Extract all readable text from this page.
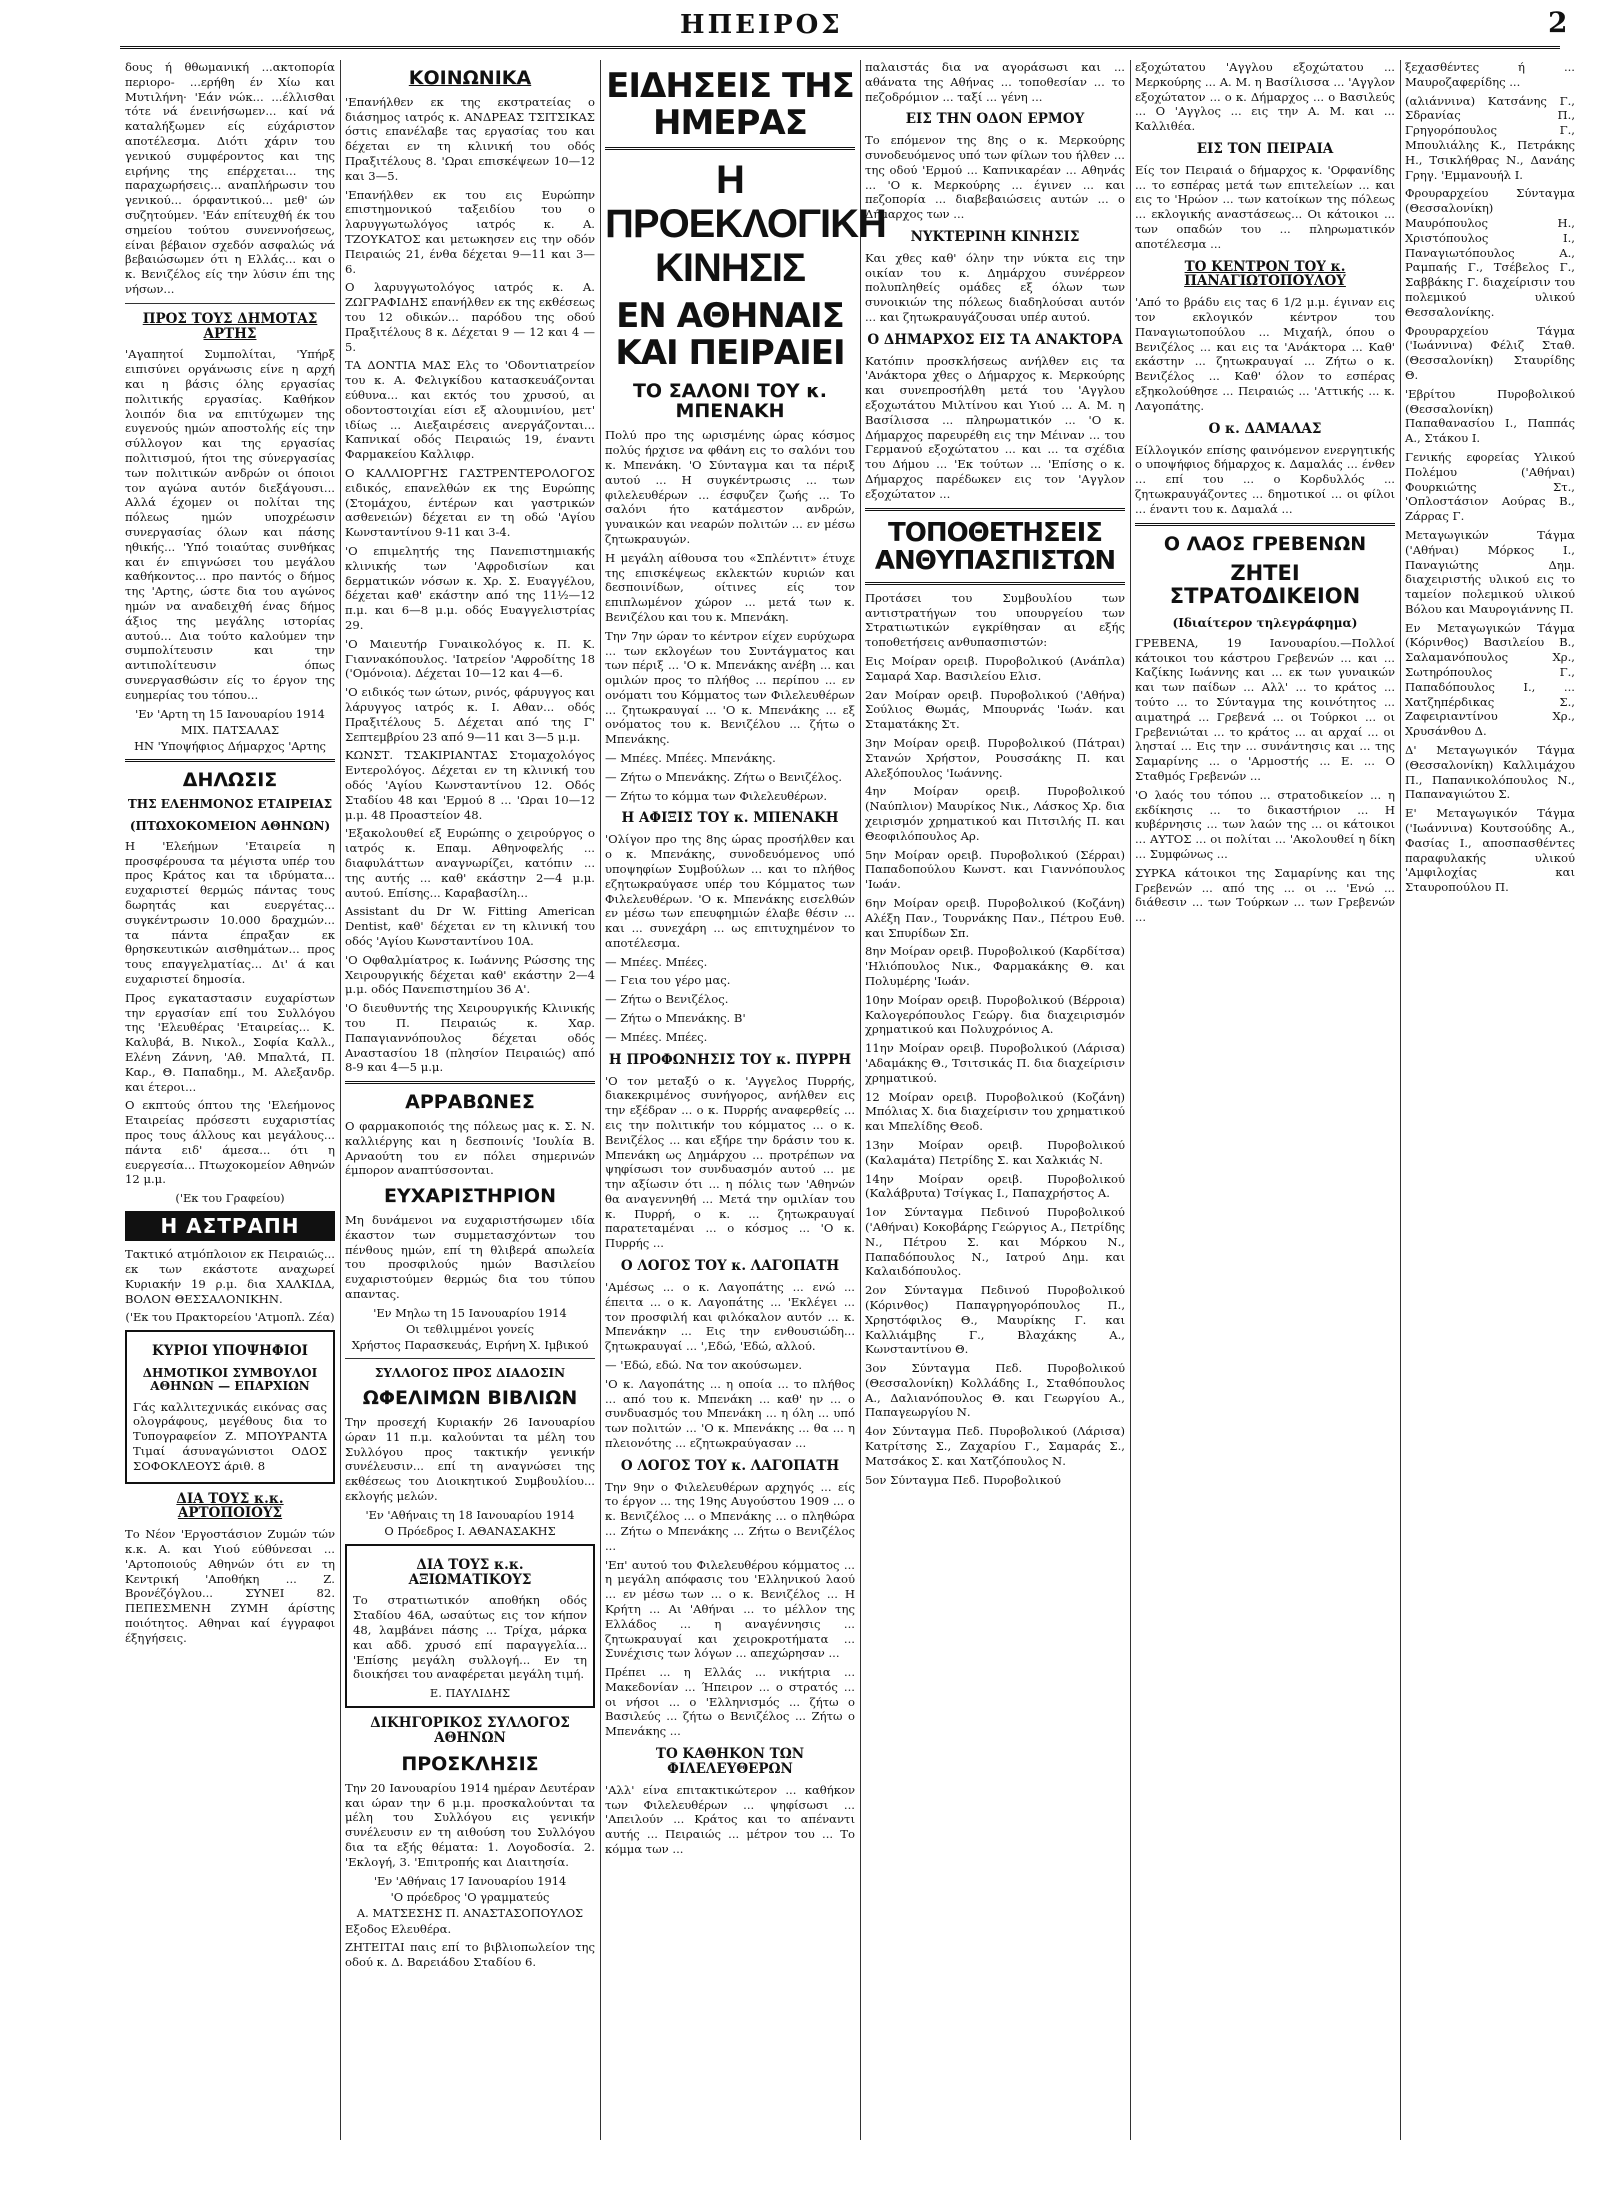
ΗΠΕΙΡΟΣ	2

δους ή θθωμανική ...ακτοπορία περιορο- ...ερήθη έν Χίω και Μυτιλήνη· 'Εάν νώκ... ...έλλισθαι τότε νά ένεινήσωμεν... καί νά καταλήξωμεν είς εύχάριστον αποτέλεσμα. Διότι χάριν του γενικού συμφέροντος και της ειρήνης της επέρχεται... της παραχωρήσεις... αναπλήρωσιν του γενικού... όρφαντικού... μεθ' ών συζητούμεν. 'Εάν επίτευχθή έκ του σημείου τούτου συνεννοήσεως, είναι βέβαιον σχεδόν ασφαλώς νά βεβαιώσωμεν ότι η Ελλάς... και ο κ. Βενιζέλος είς την λύσιν έπι της νήσων...

ΠΡΟΣ ΤΟΥΣ ΔΗΜΟΤΑΣ ΑΡΤΗΣ

'Αγαπητοί Συμπολίται, 'Υπήρξ ειπισύνει οργάνωσις είνε η αρχή και η βάσις όλης εργασίας πολιτικής εργασίας. Καθήκον λοιπόν δια να επιτύχωμεν της ευγενούς ημών αποστολής είς την σύλλογον και της εργασίας πολιτισμού, ήτοι της σύνεργασίας των πολιτικών ανδρών οι όποιοι τον αγώνα αυτόν διεξάγουσι... Αλλά έχομεν οι πολίται της πόλεως ημών υποχρέωσιν συνεργασίας όλων και πάσης ηθικής... 'Υπό τοιαύτας συνθήκας και έν επιγνώσει του μεγάλου καθήκοντος... προ παντός ο δήμος της 'Αρτης, ώστε δια του αγώνος ημών να αναδειχθή ένας δήμος άξιος της μεγάλης ιστορίας αυτού... Δια τούτο καλούμεν την συμπολίτευσιν και την αντιπολίτευσιν όπως συνεργασθώσιν είς το έργον της ευημερίας του τόπου...

'Εν 'Αρτη τη 15 Ιανουαρίου 1914
ΜΙΧ. ΠΑΤΣΑΛΑΣ
ΗΝ 'Υποψήφιος Δήμαρχος 'Αρτης
ΔΗΛΩΣΙΣ
ΤΗΣ ΕΛΕΗΜΟΝΟΣ ΕΤΑΙΡΕΙΑΣ
(ΠΤΩΧΟΚΟΜΕΙΟΝ ΑΘΗΝΩΝ)

Η 'Ελεήμων 'Εταιρεία η προσφέρουσα τα μέγιστα υπέρ του προς Κράτος και τα ιδρύματα... ευχαριστεί θερμώς πάντας τους δωρητάς και ευεργέτας... συγκέντρωσιν 10.000 δραχμών... τα πάντα έπραξαν εκ θρησκευτικών αισθημάτων... προς τους επαγγελματίας... Δι' ά και ευχαριστεί δημοσία.

Προς εγκαταστασιν ευχαρίστων την εργασίαν επί του Συλλόγου της 'Ελευθέρας 'Εταιρείας... Κ. Καλυβά, Β. Νικολ., Σοφία Καλλ., Ελένη Ζάννη, 'Αθ. Μπαλτά, Π. Καρ., Θ. Παπαδημ., Μ. Αλεξανδρ. και έτεροι...

Ο εκπτούς όπτου της 'Ελεήμονος Εταιρείας πρόσεστι ευχαριστίας προς τους άλλους και μεγάλους... πάντα ειδ' άμεσα... ότι η ευεργεσία... Πτωχοκομείον Αθηνών 12 μ.μ.

('Εκ του Γραφείου)
Η ΑΣΤΡΑΠΗ

Τακτικό ατμόπλοιον εκ Πειραιώς... εκ των εκάστοτε αναχωρεί Κυριακήν 19 ρ.μ. δια ΧΑΛΚΙΔΑ, ΒΟΛΟΝ ΘΕΣΣΑΛΟΝΙΚΗΝ.

('Εκ του Πρακτορείου 'Ατμοπλ. Ζέα)
ΚΥΡΙΟΙ ΥΠΟΨΗΦΙΟΙ
ΔΗΜΟΤΙΚΟΙ ΣΥΜΒΟΥΛΟΙ ΑΘΗΝΩΝ — ΕΠΑΡΧΙΩΝ

Γάς καλλιτεχνικάς εικόνας σας ολογράφους, μεγέθους δια το Τυπογραφείον Ζ. ΜΠΟΥΡΑΝΤΑ Τιμαί άσυναγώνιστοι ΟΔΟΣ ΣΟΦΟΚΛΕΟΥΣ άριθ. 8

ΔΙΑ ΤΟΥΣ κ.κ. ΑΡΤΟΠΟΙΟΥΣ

Το Νέον 'Εργοστάσιον Ζυμών τών κ.κ. Α. και Υιού εύθύνεσαι ... 'Αρτοποιούς Αθηνών ότι εν τη Κεντρική 'Αποθήκη ... Ζ. Βρονέζόγλου... ΣΥΝΕΙ 82. ΠΕΠΕΣΜΕΝΗ ΖΥΜΗ άρίστης ποιότητος. Αθηναι καί έγγραφοι έξηγήσεις.

ΚΟΙΝΩΝΙΚΑ

'Επανήλθεν εκ της εκστρατείας ο διάσημος ιατρός κ. ΑΝΔΡΕΑΣ ΤΣΙΤΣΙΚΑΣ όστις επανέλαβε τας εργασίας του και δέχεται εν τη κλινική του οδός Πραξιτέλους 8. 'Ωραι επισκέψεων 10—12 και 3—5.

'Επανήλθεν εκ του εις Ευρώπην επιστημονικού ταξειδίου του ο λαρυγγωτωλόγος ιατρός κ. Α. ΤΖΟΥΚΑΤΟΣ και μετωκησεν εις την οδόν Πειραιώς 21, ένθα δέχεται 9—11 και 3—6.

Ο λαρυγγωτολόγος ιατρός κ. Α. ΖΩΓΡΑΦΙΔΗΣ επανήλθεν εκ της εκθέσεως του 12 οδικών... παρόδου της οδού Πραξιτέλους 8 κ. Δέχεται 9 — 12 και 4 — 5.

ΤΑ ΔΟΝΤΙΑ ΜΑΣ Ελς το 'Οδοντιατρείον του κ. Α. Φελιγκίδου κατασκευάζονται εύθυνα... και εκτός του χρυσού, αι οδοντοστοιχίαι είσι εξ αλουμινίου, μετ' ιδίως ... Αιεξαιρέσεις ανεργάζονται... Καπνικαί οδός Πειραιώς 19, έναντι Φαρμακείου Καλλιφρ.

Ο ΚΑΛΛΙΟΡΓΗΣ ΓΑΣΤΡΕΝΤΕΡΟΛΟΓΟΣ ειδικός, επανελθών εκ της Ευρώπης (Στομάχου, έντέρων και γαστρικών ασθενειών) δέχεται εν τη οδώ 'Αγίου Κωνσταντίνου 9-11 και 3-4.

'Ο επιμελητής της Πανεπιστημιακής κλινικής των 'Αφροδισίων και δερματικών νόσων κ. Χρ. Σ. Ευαγγέλου, δέχεται καθ' εκάστην από της 11½—12 π.μ. και 6—8 μ.μ. οδός Ευαγγελιστρίας 29.

'Ο Μαιευτήρ Γυναικολόγος κ. Π. Κ. Γιαννακόπουλος. 'Ιατρείον 'Αφροδίτης 18 ('Ομόνοια). Δέχεται 10—12 και 4—6.

'Ο ειδικός των ώτων, ρινός, φάρυγγος και λάρυγγος ιατρός κ. Ι. Αθαν... οδός Πραξιτέλους 5. Δέχεται από της Γ' Σεπτεμβρίου 23 από 9—11 και 3—5 μ.μ.

ΚΩΝΣΤ. ΤΣΑΚΙΡΙΑΝΤΑΣ Στομαχολόγος Εντερολόγος. Δέχεται εν τη κλινική του οδός 'Αγίου Κωνσταντίνου 12. Οδός Σταδίου 48 και 'Ερμού 8 ... 'Ωραι 10—12 μ.μ. 48 Προαστείον 48.

'Εξακολουθεί εξ Ευρώπης ο χειρούργος ο ιατρός κ. Επαμ. Αθηνοφελής ... διαφυλάττων αναγνωρίζει, κατόπιν ... της αυτής ... καθ' εκάστην 2—4 μ.μ. αυτού. Επίσης... Καραβασίλη...

Assistant du Dr W. Fitting American Dentist, καθ' δέχεται εν τη κλινική του οδός 'Αγίου Κωνσταντίνου 10Α.

'Ο Οφθαλμίατρος κ. Ιωάννης Ρώσσης της Χειρουργικής δέχεται καθ' εκάστην 2—4 μ.μ. οδός Πανεπιστημίου 36 Α'.

'Ο διευθυντής της Χειρουργικής Κλινικής του Π. Πειραιώς κ. Χαρ. Παπαγιαννόπουλος δέχεται οδός Αναστασίου 18 (πλησίον Πειραιώς) από 8-9 και 4—5 μ.μ.

ΑΡΡΑΒΩΝΕΣ

Ο φαρμακοποιός της πόλεως μας κ. Σ. Ν. καλλιέργης και η δεσποινίς 'Ιουλία Β. Αρναούτη του εν πόλει σημερινών έμπορον αναπτύσσονται.

ΕΥΧΑΡΙΣΤΗΡΙΟΝ

Μη δυνάμενοι να ευχαριστήσωμεν ιδία έκαστον των συμμετασχόντων του πένθους ημών, επί τη θλιβερά απωλεία του προσφιλούς ημών Βασιλείου ευχαριστούμεν θερμώς δια του τύπου απαντας.

'Εν Μηλω τη 15 Ιανουαρίου 1914
Οι τεθλιμμένοι γονείς
Χρήστος Παρασκευάς, Ειρήνη Χ. Ιμβικού
ΣΥΛΛΟΓΟΣ ΠΡΟΣ ΔΙΑΔΟΣΙΝ
ΩΦΕΛΙΜΩΝ ΒΙΒΛΙΩΝ

Την προσεχή Κυριακήν 26 Ιανουαρίου ώραν 11 π.μ. καλούνται τα μέλη του Συλλόγου προς τακτικήν γενικήν συνέλευσιν... επί τη αναγνώσει της εκθέσεως του Διοικητικού Συμβουλίου... εκλογής μελών.

'Εν 'Αθήναις τη 18 Ιανουαρίου 1914
Ο Πρόεδρος Ι. ΑΘΑΝΑΣΑΚΗΣ
ΔΙΑ ΤΟΥΣ κ.κ. ΑΞΙΩΜΑΤΙΚΟΥΣ

Το στρατιωτικόν αποθήκη οδός Σταδίου 46Α, ωσαύτως εις τον κήπον 48, λαμβάνει πάσης ... Τρίχα, μάρκα και αδδ. χρυσό επί παραγγελία... 'Επίσης μεγάλη συλλογή... Εν τη διοικήσει του αναφέρεται μεγάλη τιμή.

Ε. ΠΑΥΛΙΔΗΣ
ΔΙΚΗΓΟΡΙΚΟΣ ΣΥΛΛΟΓΟΣ ΑΘΗΝΩΝ
ΠΡΟΣΚΛΗΣΙΣ

Την 20 Ιανουαρίου 1914 ημέραν Δευτέραν και ώραν την 6 μ.μ. προσκαλούνται τα μέλη του Συλλόγου εις γενικήν συνέλευσιν εν τη αιθούση του Συλλόγου δια τα εξής θέματα: 1. Λογοδοσία. 2. 'Εκλογή, 3. 'Επιτροπής και Διαιτησία.

'Εν 'Αθήναις 17 Ιανουαρίου 1914
'Ο πρόεδρος 'Ο γραμματεύς
Α. ΜΑΤΣΕΣΗΣ Π. ΑΝΑΣΤΑΣΟΠΟΥΛΟΣ

Εξοδος Ελευθέρα.

ΖΗΤΕΙΤΑΙ παις επί το βιβλιοπωλείον της οδού κ. Δ. Βαρειάδου Σταδίου 6.

ΕΙΔΗΣΕΙΣ ΤΗΣ ΗΜΕΡΑΣ
Η ΠΡΟΕΚΛΟΓΙΚΗ ΚΙΝΗΣΙΣ
ΕΝ ΑΘΗΝΑΙΣ ΚΑΙ ΠΕΙΡΑΙΕΙ
ΤΟ ΣΑΛΟΝΙ ΤΟΥ κ. ΜΠΕΝΑΚΗ

Πολύ προ της ωρισμένης ώρας κόσμος πολύς ήρχισε να φθάνη εις το σαλόνι του κ. Μπενάκη. 'Ο Σύνταγμα και τα πέριξ αυτού ... Η συγκέντρωσις ... των φιλελευθέρων ... έσφυζεν ζωής ... Το σαλόνι ήτο κατάμεστον ανδρών, γυναικών και νεαρών πολιτών ... εν μέσω ζητωκραυγών.

Η μεγάλη αίθουσα του «Σπλέντιτ» έτυχε της επισκέψεως εκλεκτών κυριών και δεσποινίδων, οίτινες είς τον επιπλωμένον χώρον ... μετά των κ. Βενιζέλου και του κ. Μπενάκη.

Την 7ην ώραν το κέντρον είχεν ευρύχωρα ... των εκλογέων του Συντάγματος και των πέριξ ... 'Ο κ. Μπενάκης ανέβη ... και ομιλών προς το πλήθος ... περίπου ... εν ονόματι του Κόμματος των Φιλελευθέρων ... ζητωκραυγαί ... 'Ο κ. Μπενάκης ... εξ ονόματος του κ. Βενιζέλου ... ζήτω ο Μπενάκης.

— Μπέες. Μπέες. Μπενάκης.

— Ζήτω ο Μπενάκης. Ζήτω ο Βενιζέλος.

— Ζήτω το κόμμα των Φιλελευθέρων.

Η ΑΦΙΞΙΣ ΤΟΥ κ. ΜΠΕΝΑΚΗ

'Ολίγον προ της 8ης ώρας προσήλθεν και ο κ. Μπενάκης, συνοδευόμενος υπό υποψηφίων Συμβούλων ... και το πλήθος εζητωκραύγασε υπέρ του Κόμματος των Φιλελευθέρων. 'Ο κ. Μπενάκης εισελθών εν μέσω των επευφημιών έλαβε θέσιν ... και ... συνεχάρη ... ως επιτυχημένον το αποτέλεσμα.

— Μπέες. Μπέες.

— Γεια του γέρο μας.

— Ζήτω ο Βενιζέλος.

— Ζήτω ο Μπενάκης. Β'

— Μπέες. Μπέες.

Η ΠΡΟΦΩΝΗΣΙΣ ΤΟΥ κ. ΠΥΡΡΗ

'Ο τον μεταξύ ο κ. 'Αγγελος Πυρρής, διακεκριμένος συνήγορος, ανήλθεν εις την εξέδραν ... ο κ. Πυρρής αναφερθείς ... εις την πολιτικήν του κόμματος ... ο κ. Βενιζέλος ... και εξήρε την δράσιν του κ. Μπενάκη ως Δημάρχου ... προτρέπων να ψηφίσωσι τον συνδυασμόν αυτού ... με την αξίωσιν ότι ... η πόλις των 'Αθηνών θα αναγεννηθή ... Μετά την ομιλίαν του κ. Πυρρή, ο κ. ... ζητωκραυγαί παρατεταμέναι ... ο κόσμος ... 'Ο κ. Πυρρής ...

Ο ΛΟΓΟΣ ΤΟΥ κ. ΛΑΓΟΠΑΤΗ

'Αμέσως ... ο κ. Λαγοπάτης ... ενώ ... έπειτα ... ο κ. Λαγοπάτης ... 'Εκλέγει ... τον προσφιλή και φιλόκαλον αυτόν ... κ. Μπενάκην ... Εις την ενθουσιώδη... ζητωκραυγαί ... ',Εδώ, 'Εδώ, αλλού.

— 'Εδώ, εδώ. Να τον ακούσωμεν.

'Ο κ. Λαγοπάτης ... η οποία ... το πλήθος ... από του κ. Μπενάκη ... καθ' ην ... ο συνδυασμός του Μπενάκη ... η όλη ... υπό των πολιτών ... 'Ο κ. Μπενάκης ... θα ... η πλειονότης ... εζητωκραύγασαν ...

Ο ΛΟΓΟΣ ΤΟΥ κ. ΛΑΓΟΠΑΤΗ

Την 9ην ο Φιλελευθέρων αρχηγός ... είς το έργον ... της 19ης Αυγούστου 1909 ... ο κ. Βενιζέλος ... ο Μπενάκης ... ο πληθώρα ... Ζήτω ο Μπενάκης ... Ζήτω ο Βενιζέλος ...

'Επ' αυτού του Φιλελευθέρου κόμματος ... η μεγάλη απόφασις του 'Ελληνικού λαού ... εν μέσω των ... ο κ. Βενιζέλος ... Η Κρήτη ... Αι 'Αθήναι ... το μέλλον της Ελλάδος ... η αναγέννησις ... ζητωκραυγαί και χειροκροτήματα ... Συνέχισις των λόγων ... απεχώρησαν ...

Πρέπει ... η Ελλάς ... νικήτρια ... Μακεδονίαν ... Ήπειρον ... ο στρατός ... οι νήσοι ... ο 'Ελληνισμός ... ζήτω ο Βασιλεύς ... ζήτω ο Βενιζέλος ... Ζήτω ο Μπενάκης ...

ΤΟ ΚΑΘΗΚΟΝ ΤΩΝ ΦΙΛΕΛΕΥΘΕΡΩΝ

'Αλλ' είνα επιτακτικώτερον ... καθήκον των Φιλελευθέρων ... ψηφίσωσι ... 'Απειλούν ... Κράτος και το απέναντι αυτής ... Πειραιώς ... μέτρον του ... Το κόμμα των ...

παλαιστάς δια να αγοράσωσι και ... αθάνατα της Αθήνας ... τοποθεσίαν ... το πεζοδρόμιον ... ταξί ... γένη ...

ΕΙΣ ΤΗΝ ΟΔΟΝ ΕΡΜΟΥ

Το επόμενον της 8ης ο κ. Μερκούρης συνοδευόμενος υπό των φίλων του ήλθεν ... της οδού 'Ερμού ... Καπνικαρέαν ... Αθηνάς ... 'Ο κ. Μερκούρης ... έγινεν ... και πεζοπορία ... διαβεβαιώσεις αυτών ... ο Δήμαρχος των ...

ΝΥΚΤΕΡΙΝΗ ΚΙΝΗΣΙΣ

Και χθες καθ' όλην την νύκτα εις την οικίαν του κ. Δημάρχου συνέρρεον πολυπληθείς ομάδες εξ όλων των συνοικιών της πόλεως διαδηλούσαι αυτόν ... και ζητωκραυγάζουσαι υπέρ αυτού.

Ο ΔΗΜΑΡΧΟΣ ΕΙΣ ΤΑ ΑΝΑΚΤΟΡΑ

Κατόπιν προσκλήσεως ανήλθεν εις τα 'Ανάκτορα χθες ο Δήμαρχος κ. Μερκούρης και συνεπροσήλθη μετά του 'Αγγλου εξοχωτάτου Μιλτίνου και Υιού ... Α. Μ. η Βασίλισσα ... πληρωματικόν ... 'Ο κ. Δήμαρχος παρευρέθη εις την Μέιναν ... του Γερμανού εξοχώτατου ... και ... τα σχέδια του Δήμου ... 'Εκ τούτων ... 'Επίσης ο κ. Δήμαρχος παρέδωκεν εις τον 'Αγγλον εξοχώτατον ...

ΤΟΠΟΘΕΤΗΣΕΙΣ ΑΝΘΥΠΑΣΠΙΣΤΩΝ

Προτάσει του Συμβουλίου των αντιστρατήγων του υπουργείου των Στρατιωτικών εγκρίθησαν αι εξής τοποθετήσεις ανθυπασπιστών:

Εις Μοίραν ορειβ. Πυροβολικού (Ανάπλα) Σαμαρά Χαρ. Βασιλείου Ελισ.

2αν Μοίραν ορειβ. Πυροβολικού ('Αθήνα) Σούλιος Θωμάς, Μπουρνάς 'Ιωάν. και Σταματάκης Στ.

3ην Μοίραν ορειβ. Πυροβολικού (Πάτραι) Στανών Χρήστον, Ρουσσάκης Π. και Αλεξόπουλος 'Ιωάννης.

4ην Μοίραν ορειβ. Πυροβολικού (Ναύπλιον) Μαυρίκος Νικ., Λάσκος Χρ. δια χειρισμόν χρηματικού και Πιτσιλής Π. και Θεοφιλόπουλος Αρ.

5ην Μοίραν ορειβ. Πυροβολικού (Σέρραι) Παπαδοπούλου Κωνστ. και Γιαννόπουλος 'Ιωάν.

6ην Μοίραν ορειβ. Πυροβολικού (Κοζάνη) Αλέξη Παν., Τουρνάκης Παν., Πέτρου Ευθ. και Σπυρίδων Σπ.

8ην Μοίραν ορειβ. Πυροβολικού (Καρδίτσα) 'Ηλιόπουλος Νικ., Φαρμακάκης Θ. και Πολυμέρης 'Ιωάν.

10ην Μοίραν ορειβ. Πυροβολικού (Βέρροια) Καλογερόπουλος Γεώργ. δια διαχειρισμόν χρηματικού και Πολυχρόνιος Α.

11ην Μοίραν ορειβ. Πυροβολικού (Λάρισα) 'Αδαμάκης Θ., Τσιτσικάς Π. δια διαχείρισιν χρηματικού.

12 Μοίραν ορειβ. Πυροβολικού (Κοζάνη) Μπόλιας Χ. δια διαχείρισιν του χρηματικού και Μπελίδης Θεοδ.

13ην Μοίραν ορειβ. Πυροβολικού (Καλαμάτα) Πετρίδης Σ. και Χαλκιάς Ν.

14ην Μοίραν ορειβ. Πυροβολικού (Καλάβρυτα) Τσίγκας Ι., Παπαχρήστος Α.

1ον Σύνταγμα Πεδινού Πυροβολικού ('Αθήναι) Κοκοβάρης Γεώργιος Α., Πετρίδης Ν., Πέτρου Σ. και Μόρκου Ν., Παπαδόπουλος Ν., Ιατρού Δημ. και Καλαιδόπουλος.

2ον Σύνταγμα Πεδινού Πυροβολικού (Κόρινθος) Παπαγρηγορόπουλος Π., Χρηστόφιλος Θ., Μαυρίκης Γ. και Καλλιάμβης Γ., Βλαχάκης Α., Κωνσταντίνου Θ.

3ον Σύνταγμα Πεδ. Πυροβολικού (Θεσσαλονίκη) Κολλάδης Ι., Σταθόπουλος Α., Δαλιανόπουλος Θ. και Γεωργίου Α., Παπαγεωργίου Ν.

4ον Σύνταγμα Πεδ. Πυροβολικού (Λάρισα) Κατρίτσης Σ., Ζαχαρίου Γ., Σαμαράς Σ., Ματσάκος Σ. και Χατζόπουλος Ν.

5ον Σύνταγμα Πεδ. Πυροβολικού

εξοχώτατου 'Αγγλου εξοχώτατου ... Μερκούρης ... Α. Μ. η Βασίλισσα ... 'Αγγλον εξοχώτατον ... ο κ. Δήμαρχος ... ο Βασιλεύς ... Ο 'Αγγλος ... εις την Α. Μ. και ... Καλλιθέα.

ΕΙΣ ΤΟΝ ΠΕΙΡΑΙΑ

Είς τον Πειραιά ο δήμαρχος κ. 'Ορφανίδης ... το εσπέρας μετά των επιτελείων ... και εις το 'Ηρώον ... των κατοίκων της πόλεως ... εκλογικής αναστάσεως... Οι κάτοικοι ... των οπαδών του ... πληρωματικόν αποτέλεσμα ...

ΤΟ ΚΕΝΤΡΟΝ ΤΟΥ κ. ΠΑΝΑΓΙΩΤΟΠΟΥΛΟΥ

'Από το βράδυ εις τας 6 1/2 μ.μ. έγιναν εις τον εκλογικόν κέντρον του Παναγιωτοπούλου ... Μιχαήλ, όπου ο Βενιζέλος ... και εις τα 'Ανάκτορα ... Καθ' εκάστην ... ζητωκραυγαί ... Ζήτω ο κ. Βενιζέλος ... Καθ' όλον το εσπέρας εξηκολούθησε ... Πειραιώς ... 'Αττικής ... κ. Λαγοπάτης.

Ο κ. ΔΑΜΑΛΑΣ

Είλλογικόν επίσης φαινόμενον ενεργητικής ο υποψήφιος δήμαρχος κ. Δαμαλάς ... ένθεν ... επί του ... ο Κορδυλλός ... ζητωκραυγάζοντες ... δημοτικοί ... οι φίλοι ... έναντι του κ. Δαμαλά ...

Ο ΛΑΟΣ ΓΡΕΒΕΝΩΝ
ΖΗΤΕΙ ΣΤΡΑΤΟΔΙΚΕΙΟΝ
(Ιδιαίτερον τηλεγράφημα)

ΓΡΕΒΕΝΑ, 19 Ιανουαρίου.—Πολλοί κάτοικοι του κάστρου Γρεβενών ... και ... Καζίκης Ιωάννης και ... εκ των γυναικών και των παίδων ... Αλλ' ... το κράτος ... τούτο ... το Σύνταγμα της κοινότητος ... αιματηρά ... Γρεβενά ... οι Τούρκοι ... οι Γρεβενιώται ... το κράτος ... αι αρχαί ... οι λησταί ... Εις την ... συνάντησις και ... της Σαμαρίνης ... ο 'Αρμοστής ... Ε. ... Ο Σταθμός Γρεβενών ...

'Ο λαός του τόπου ... στρατοδικείον ... η εκδίκησις ... το δικαστήριον ... Η κυβέρνησις ... των λαών της ... οι κάτοικοι ... ΑΥΤΟΣ ... οι πολίται ... 'Ακολουθεί η δίκη ... Συμφώνως ...

ΣΥΡΚΑ κάτοικοι της Σαμαρίνης και της Γρεβενών ... από της ... οι ... 'Ενώ ... διάθεσιν ... των Τούρκων ... των Γρεβενών ...

ξεχασθέντες ή ... Μαυροζαφερίδης ...

(αλιάννινα) Κατσάνης Γ., Σδρανίας Π., Γρηγορόπουλος Γ., Μπουλιάλης Κ., Πετράκης Η., Τσικλήθρας Ν., Δανάης Γρηγ. 'Εμμανουήλ Ι.

Φρουραρχείου Σύνταγμα (Θεσσαλονίκη) Μαυρόπουλος Η., Χριστόπουλος Ι., Παναγιωτόπουλος Α., Ραμπαής Γ., Τσέβελος Γ., Σαββάκης Γ. διαχείρισιν του πολεμικού υλικού Θεσσαλονίκης.

Φρουραρχείου Τάγμα ('Ιωάννινα) Φέλιζ Σταθ. (Θεσσαλονίκη) Σταυρίδης Θ.

'Εβρίτου Πυροβολικού (Θεσσαλονίκη) Παπαθανασίου Ι., Παππάς Α., Στάκου Ι.

Γενικής εφορείας Υλικού Πολέμου ('Αθήναι) Φουρκιώτης Στ., 'Οπλοστάσιον Αούρας Β., Ζάρρας Γ.

Μεταγωγικών Τάγμα ('Αθήναι) Μόρκος Ι., Παναγιώτης Δημ. διαχειριστής υλικού εις το ταμείον πολεμικού υλικού Βόλου και Μαυρογιάννης Π.

Εν Μεταγωγικών Τάγμα (Κόρινθος) Βασιλείου Β., Σαλαμανόπουλος Χρ., Σωτηρόπουλος Γ., Παπαδόπουλος Ι., ... Χατζηπέρδικας Σ., Ζαφειριαντίνου Χρ., Χρυσάνθου Δ.

Δ' Μεταγωγικόν Τάγμα (Θεσσαλονίκη) Καλλιμάχου Π., Παπανικολόπουλος Ν., Παπαναγιώτου Σ.

Ε' Μεταγωγικόν Τάγμα ('Ιωάννινα) Κουτσούδης Α., Φασίας Ι., αποσπασθέντες παραφυλακής υλικού 'Αμφιλοχίας και Σταυροπούλου Π.
